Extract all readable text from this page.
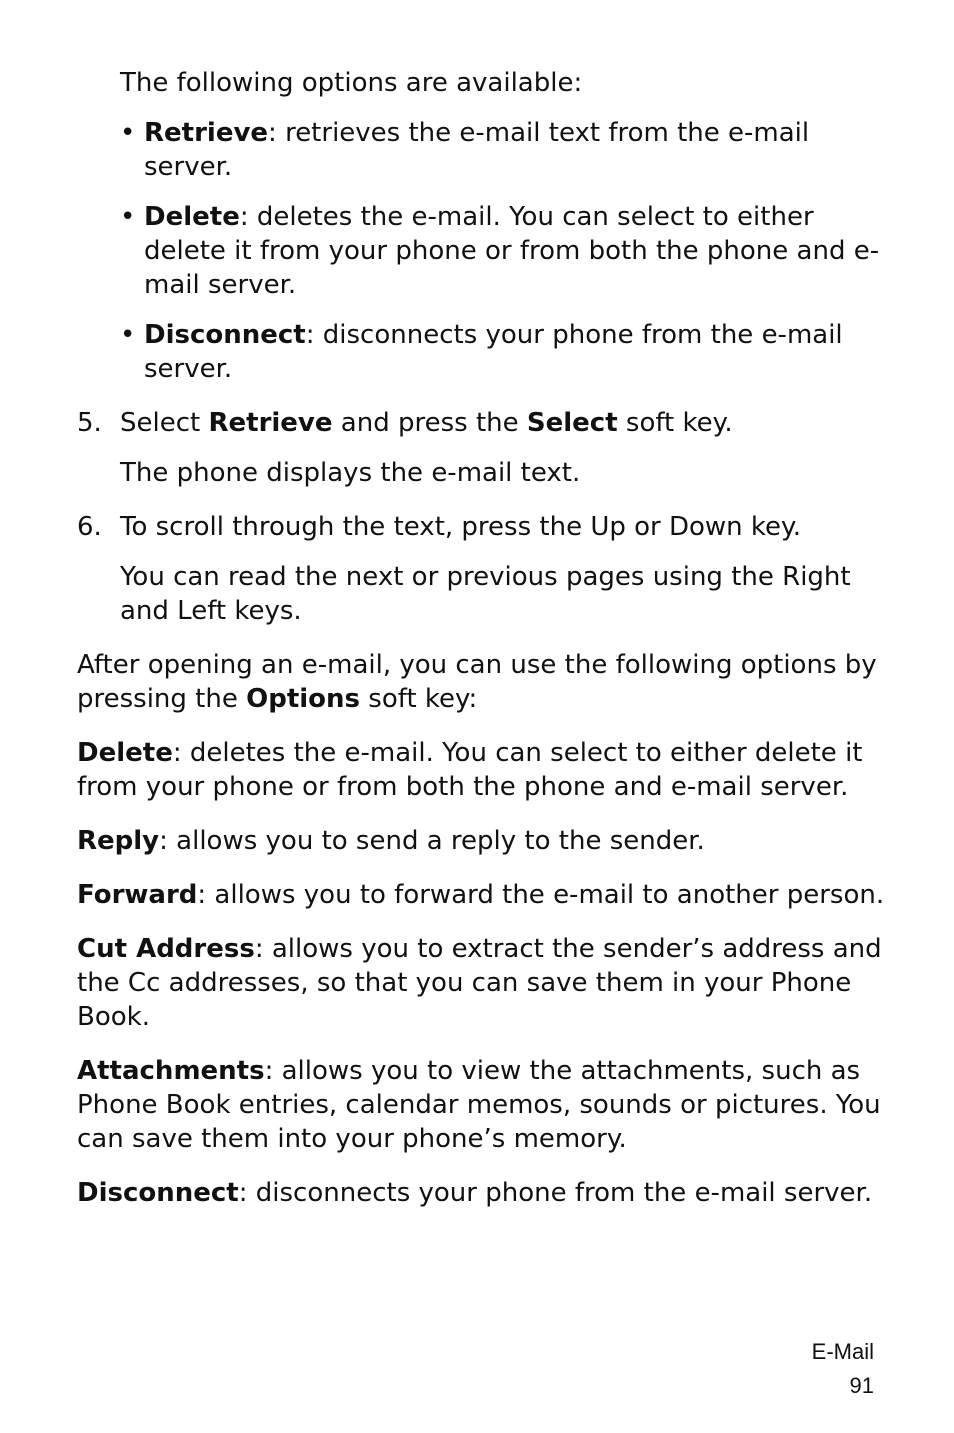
The following options are available:

• Retrieve: retrieves the e-mail text from the e-mail server.
• Delete: deletes the e-mail. You can select to either delete it from your phone or from both the phone and e-mail server.
• Disconnect: disconnects your phone from the e-mail server.
5. Select Retrieve and press the Select soft key.

The phone displays the e-mail text.

6. To scroll through the text, press the Up or Down key.

You can read the next or previous pages using the Right and Left keys.

After opening an e-mail, you can use the following options by pressing the Options soft key:

Delete: deletes the e-mail. You can select to either delete it from your phone or from both the phone and e-mail server.

Reply: allows you to send a reply to the sender.

Forward: allows you to forward the e-mail to another person.

Cut Address: allows you to extract the sender’s address and the Cc addresses, so that you can save them in your Phone Book.

Attachments: allows you to view the attachments, such as Phone Book entries, calendar memos, sounds or pictures. You can save them into your phone’s memory.

Disconnect: disconnects your phone from the e-mail server.

E-Mail
91
